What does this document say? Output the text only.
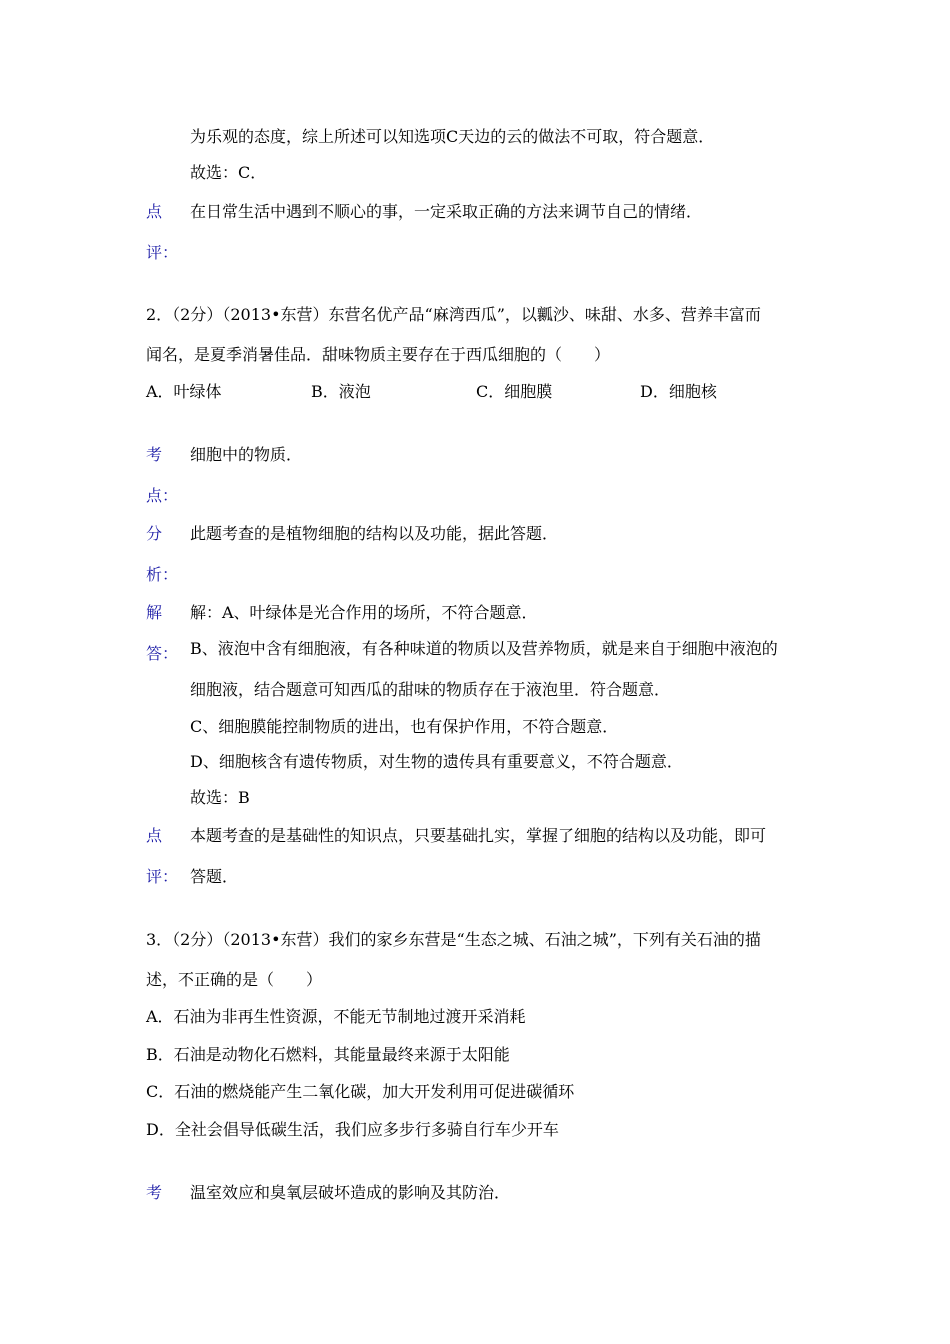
为乐观的态度，综上所述可以知选项C天边的云的做法不可取，符合题意．
故选：C．
点 在日常生活中遇到不顺心的事，一定采取正确的方法来调节自己的情绪．
评：
2．（2分）（2013•东营）东营名优产品“麻湾西瓜”，以瓤沙、味甜、水多、营养丰富而
闻名，是夏季消暑佳品．甜味物质主要存在于西瓜细胞的（　　）
A．叶绿体	B．液泡	C．细胞膜	D．细胞核
考 细胞中的物质．
点：
分 此题考查的是植物细胞的结构以及功能，据此答题．
析：
解 解：A、叶绿体是光合作用的场所，不符合题意．
答： B、液泡中含有细胞液，有各种味道的物质以及营养物质，就是来自于细胞中液泡的
细胞液，结合题意可知西瓜的甜味的物质存在于液泡里．符合题意．
C、细胞膜能控制物质的进出，也有保护作用，不符合题意．
D、细胞核含有遗传物质，对生物的遗传具有重要意义，不符合题意．
故选：B
点 本题考查的是基础性的知识点，只要基础扎实，掌握了细胞的结构以及功能，即可
评： 答题．
3．（2分）（2013•东营）我们的家乡东营是“生态之城、石油之城”，下列有关石油的描
述，不正确的是（　　）
A．石油为非再生性资源，不能无节制地过渡开采消耗
B．石油是动物化石燃料，其能量最终来源于太阳能
C．石油的燃烧能产生二氧化碳，加大开发利用可促进碳循环
D．全社会倡导低碳生活，我们应多步行多骑自行车少开车
考 温室效应和臭氧层破坏造成的影响及其防治．
